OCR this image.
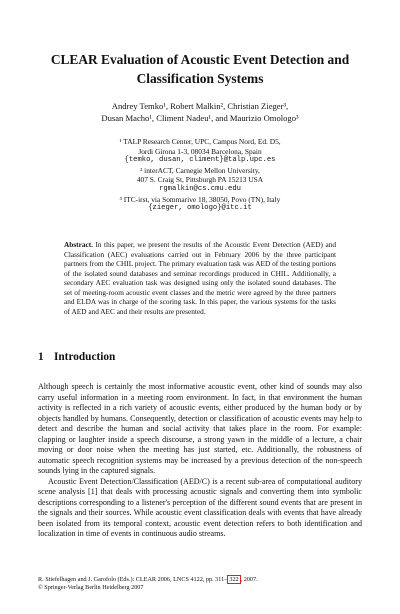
CLEAR Evaluation of Acoustic Event Detection and
Classification Systems
Andrey Temko¹, Robert Malkin², Christian Zieger³,
Dusan Macho¹, Climent Nadeu¹, and Maurizio Omologo³
¹ TALP Research Center, UPC, Campus Nord, Ed. D5,
Jordi Girona 1-3, 08034 Barcelona, Spain
{temko, dusan, climent}@talp.upc.es
² interACT, Carnegie Mellon University,
407 S. Craig St, Pittsburgh PA 15213 USA
rgmalkin@cs.cmu.edu
³ ITC-irst, via Sommarive 18, 38050, Povo (TN), Italy
{zieger, omologo}@itc.it
Abstract. In this paper, we present the results of the Acoustic Event Detection (AED) and Classification (AEC) evaluations carried out in February 2006 by the three participant partners from the CHIL project. The primary evaluation task was AED of the testing portions of the isolated sound databases and seminar recordings produced in CHIL. Additionally, a secondary AEC evaluation task was designed using only the isolated sound databases. The set of meeting-room acoustic event classes and the metric were agreed by the three partners and ELDA was in charge of the scoring task. In this paper, the various systems for the tasks of AED and AEC and their results are presented.
1 Introduction

Although speech is certainly the most informative acoustic event, other kind of sounds may also carry useful information in a meeting room environment. In fact, in that environment the human activity is reflected in a rich variety of acoustic events, either produced by the human body or by objects handled by humans. Consequently, detection or classification of acoustic events may help to detect and describe the human and social activity that takes place in the room. For example: clapping or laughter inside a speech discourse, a strong yawn in the middle of a lecture, a chair moving or door noise when the meeting has just started, etc. Additionally, the robustness of automatic speech recognition systems may be increased by a previous detection of the non-speech sounds lying in the captured signals.

Acoustic Event Detection/Classification (AED/C) is a recent sub-area of computational auditory scene analysis [1] that deals with processing acoustic signals and converting them into symbolic descriptions corresponding to a listener's perception of the different sound events that are present in the signals and their sources. While acoustic event classification deals with events that have already been isolated from its temporal context, acoustic event detection refers to both identification and localization in time of events in continuous audio streams.

R. Stiefelhagen and J. Garofolo (Eds.): CLEAR 2006, LNCS 4122, pp. 311– 322 , 2007.
© Springer-Verlag Berlin Heidelberg 2007
